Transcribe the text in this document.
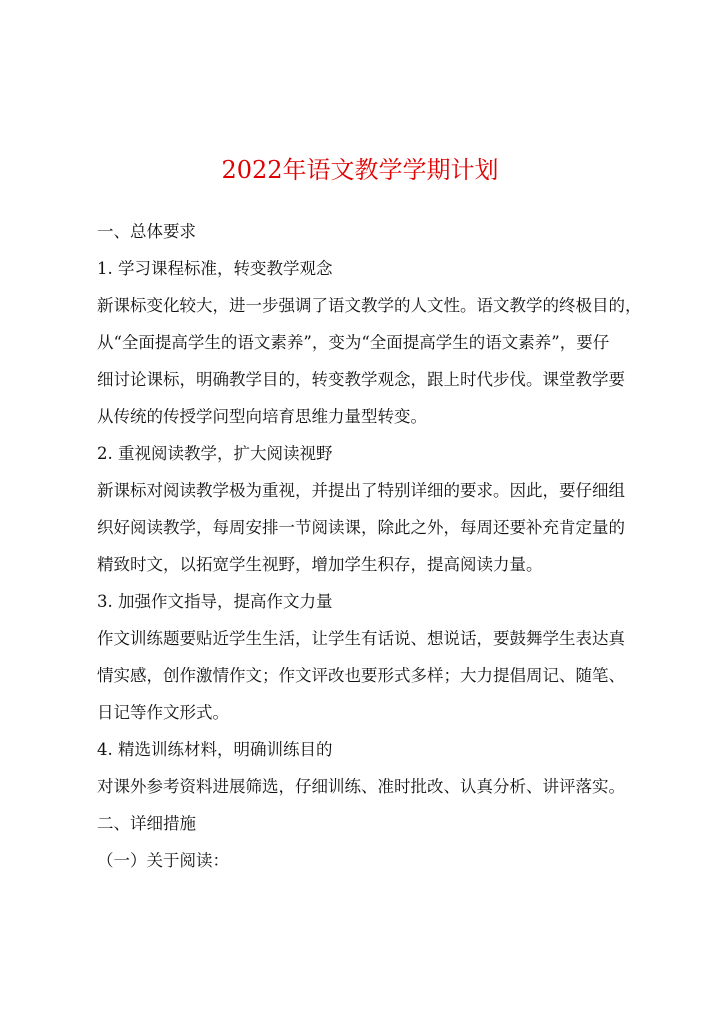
2022年语文教学学期计划
一、总体要求
1. 学习课程标准，转变教学观念
新课标变化较大，进一步强调了语文教学的人文性。语文教学的终极目的，
从“全面提高学生的语文素养”，变为“全面提高学生的语文素养”，要仔
细讨论课标，明确教学目的，转变教学观念，跟上时代步伐。课堂教学要
从传统的传授学问型向培育思维力量型转变。
2. 重视阅读教学，扩大阅读视野
新课标对阅读教学极为重视，并提出了特别详细的要求。因此，要仔细组
织好阅读教学，每周安排一节阅读课，除此之外，每周还要补充肯定量的
精致时文，以拓宽学生视野，增加学生积存，提高阅读力量。
3. 加强作文指导，提高作文力量
作文训练题要贴近学生生活，让学生有话说、想说话，要鼓舞学生表达真
情实感，创作激情作文；作文评改也要形式多样；大力提倡周记、随笔、
日记等作文形式。
4. 精选训练材料，明确训练目的
对课外参考资料进展筛选，仔细训练、准时批改、认真分析、讲评落实。
二、详细措施
（一）关于阅读：
